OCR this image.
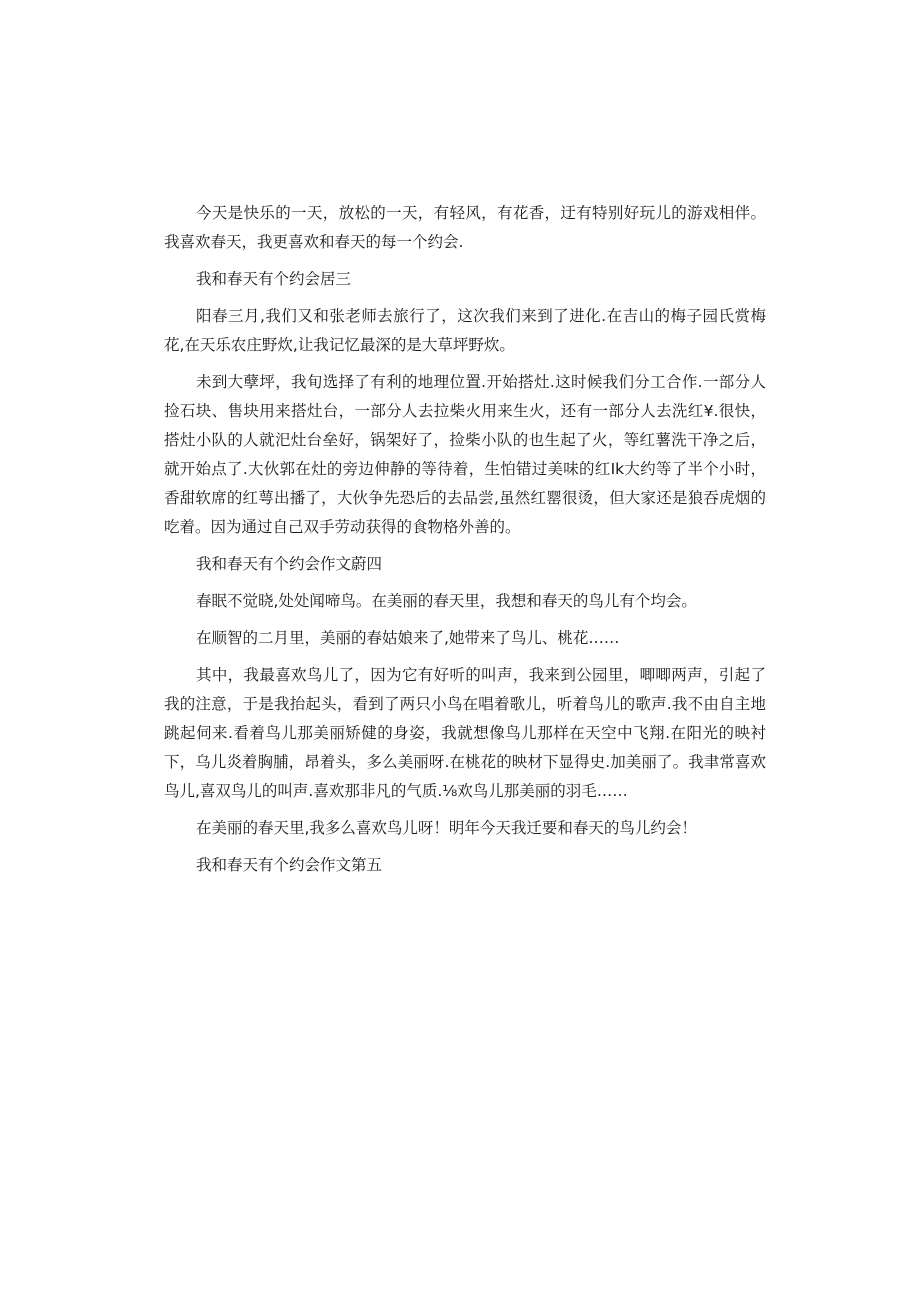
今天是快乐的一天，放松的一天，有轻风，有花香，迂有特别好玩儿的游戏相伴。我喜欢春天，我更喜欢和春天的每一个约会.

我和春天有个约会居三

阳春三月,我们又和张老师去旅行了，这次我们来到了进化.在吉山的梅子园氏赏梅花,在天乐农庄野炊,让我记忆最深的是大草坪野炊。

未到大孽坪，我旬选择了有利的地理位置.开始搭灶.这时候我们分工合作.一部分人捡石块、售块用来搭灶台，一部分人去拉柴火用来生火，还有一部分人去洗红¥.很快，搭灶小队的人就汜灶台垒好，锅架好了，捡柴小队的也生起了火，等红薯洗干净之后，就开始点了.大伙郭在灶的旁边伸静的等待着，生怕错过美味的红Ik大约等了半个小时，香甜软席的红萼出播了，大伙争先恐后的去品尝,虽然红罂很烫，但大家还是狼吞虎烟的吃着。因为通过自己双手劳动获得的食物格外善的。

我和春天有个约会作文蔚四

春眠不觉晓,处处闻啼鸟。在美丽的春天里，我想和春天的鸟儿有个均会。

在顺智的二月里，美丽的春姑娘来了,她带来了鸟儿、桃花……

其中，我最喜欢鸟儿了，因为它有好听的叫声，我来到公园里，唧唧两声，引起了我的注意，于是我抬起头，看到了两只小鸟在唱着歌儿，听着鸟儿的歌声.我不由自主地跳起伺来.看着鸟儿那美丽矫健的身姿，我就想像鸟儿那样在天空中飞翔.在阳光的映衬下，乌儿炎着胸脯，昂着头，多么美丽呀.在桃花的映材下显得史.加美丽了。我聿常喜欢鸟儿,喜双鸟儿的叫声.喜欢那非凡的气质.⅛欢鸟儿那美丽的羽毛……

在美丽的春天里,我多么喜欢鸟儿呀！明年今天我迁要和春天的鸟儿约会！

我和春天有个约会作文第五
